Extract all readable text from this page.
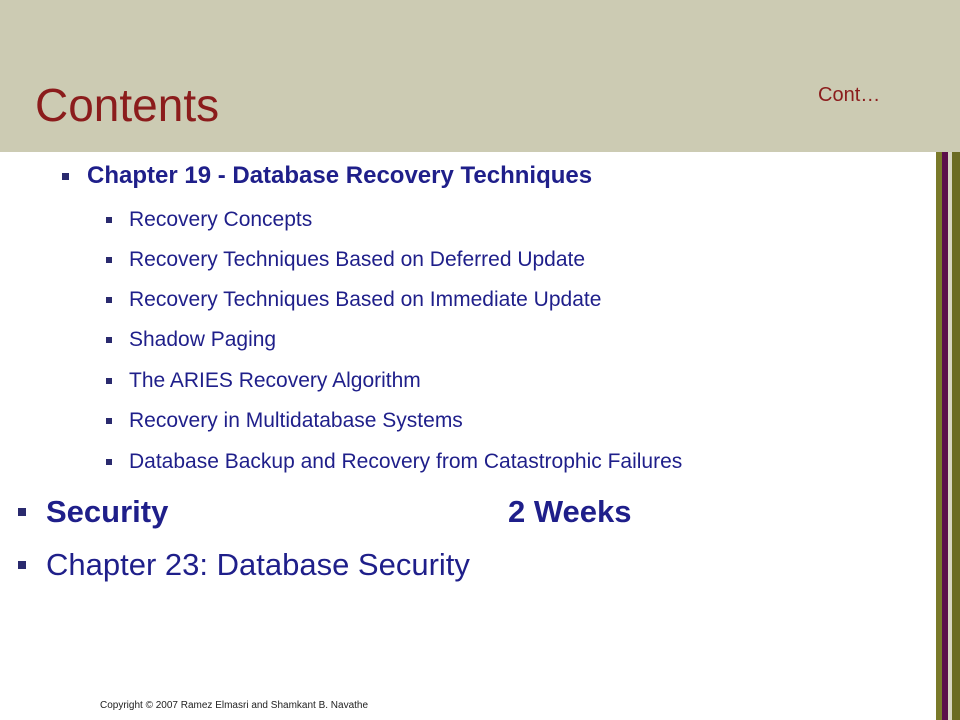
Contents	Cont…
Chapter 19 - Database Recovery Techniques
Recovery Concepts
Recovery Techniques Based on Deferred Update
Recovery Techniques Based on Immediate Update
Shadow Paging
The ARIES Recovery Algorithm
Recovery in Multidatabase Systems
Database Backup and Recovery from Catastrophic Failures
Security	2 Weeks
Chapter 23: Database Security
Copyright © 2007 Ramez Elmasri and Shamkant B. Navathe
